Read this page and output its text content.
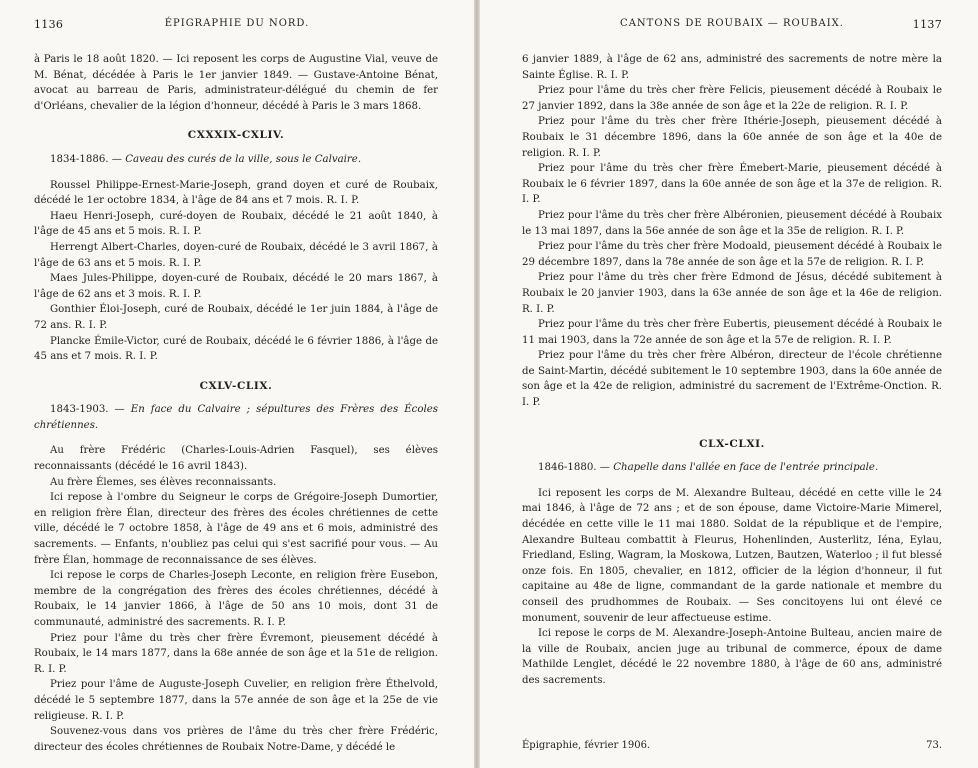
1136	ÉPIGRAPHIE DU NORD.

à Paris le 18 août 1820. — Ici reposent les corps de Augustine Vial, veuve de M. Bénat, décédée à Paris le 1er janvier 1849. — Gustave-Antoine Bénat, avocat au barreau de Paris, administrateur-délégué du chemin de fer d'Orléans, chevalier de la légion d'honneur, décédé à Paris le 3 mars 1868.

CXXXIX-CXLIV.

1834-1886. — Caveau des curés de la ville, sous le Calvaire.

Roussel Philippe-Ernest-Marie-Joseph, grand doyen et curé de Roubaix, décédé le 1er octobre 1834, à l'âge de 84 ans et 7 mois. R. I. P.

Haeu Henri-Joseph, curé-doyen de Roubaix, décédé le 21 août 1840, à l'âge de 45 ans et 5 mois. R. I. P.

Herrengt Albert-Charles, doyen-curé de Roubaix, décédé le 3 avril 1867, à l'âge de 63 ans et 5 mois. R. I. P.

Maes Jules-Philippe, doyen-curé de Roubaix, décédé le 20 mars 1867, à l'âge de 62 ans et 3 mois. R. I. P.

Gonthier Éloi-Joseph, curé de Roubaix, décédé le 1er juin 1884, à l'âge de 72 ans. R. I. P.

Plancke Émile-Victor, curé de Roubaix, décédé le 6 février 1886, à l'âge de 45 ans et 7 mois. R. I. P.

CXLV-CLIX.

1843-1903. — En face du Calvaire ; sépultures des Frères des Écoles chrétiennes.

Au frère Frédéric (Charles-Louis-Adrien Fasquel), ses élèves reconnaissants (décédé le 16 avril 1843).

Au frère Élemes, ses élèves reconnaissants.

Ici repose à l'ombre du Seigneur le corps de Grégoire-Joseph Dumortier, en religion frère Élan, directeur des frères des écoles chrétiennes de cette ville, décédé le 7 octobre 1858, à l'âge de 49 ans et 6 mois, administré des sacrements. — Enfants, n'oubliez pas celui qui s'est sacrifié pour vous. — Au frère Élan, hommage de reconnaissance de ses élèves.

Ici repose le corps de Charles-Joseph Leconte, en religion frère Eusebon, membre de la congrégation des frères des écoles chrétiennes, décédé à Roubaix, le 14 janvier 1866, à l'âge de 50 ans 10 mois, dont 31 de communauté, administré des sacrements. R. I. P.

Priez pour l'âme du très cher frère Évremont, pieusement décédé à Roubaix, le 14 mars 1877, dans la 68e année de son âge et la 51e de religion. R. I. P.

Priez pour l'âme de Auguste-Joseph Cuvelier, en religion frère Éthelvold, décédé le 5 septembre 1877, dans la 57e année de son âge et la 25e de vie religieuse. R. I. P.

Souvenez-vous dans vos prières de l'âme du très cher frère Frédéric, directeur des écoles chrétiennes de Roubaix Notre-Dame, y décédé le

CANTONS DE ROUBAIX — ROUBAIX.	1137

6 janvier 1889, à l'âge de 62 ans, administré des sacrements de notre mère la Sainte Église. R. I. P.

Priez pour l'âme du très cher frère Felicis, pieusement décédé à Roubaix le 27 janvier 1892, dans la 38e année de son âge et la 22e de religion. R. I. P.

Priez pour l'âme du très cher frère Ithérie-Joseph, pieusement décédé à Roubaix le 31 décembre 1896, dans la 60e année de son âge et la 40e de religion. R. I. P.

Priez pour l'âme du très cher frère Émebert-Marie, pieusement décédé à Roubaix le 6 février 1897, dans la 60e année de son âge et la 37e de religion. R. I. P.

Priez pour l'âme du très cher frère Albéronien, pieusement décédé à Roubaix le 13 mai 1897, dans la 56e année de son âge et la 35e de religion. R. I. P.

Priez pour l'âme du très cher frère Modoald, pieusement décédé à Roubaix le 29 décembre 1897, dans la 78e année de son âge et la 57e de religion. R. I. P.

Priez pour l'âme du très cher frère Edmond de Jésus, décédé subitement à Roubaix le 20 janvier 1903, dans la 63e année de son âge et la 46e de religion. R. I. P.

Priez pour l'âme du très cher frère Eubertis, pieusement décédé à Roubaix le 11 mai 1903, dans la 72e année de son âge et la 57e de religion. R. I. P.

Priez pour l'âme du très cher frère Albéron, directeur de l'école chrétienne de Saint-Martin, décédé subitement le 10 septembre 1903, dans la 60e année de son âge et la 42e de religion, administré du sacrement de l'Extrême-Onction. R. I. P.

CLX-CLXI.

1846-1880. — Chapelle dans l'allée en face de l'entrée principale.

Ici reposent les corps de M. Alexandre Bulteau, décédé en cette ville le 24 mai 1846, à l'âge de 72 ans ; et de son épouse, dame Victoire-Marie Mimerel, décédée en cette ville le 11 mai 1880. Soldat de la république et de l'empire, Alexandre Bulteau combattit à Fleurus, Hohenlinden, Austerlitz, Iéna, Eylau, Friedland, Esling, Wagram, la Moskowa, Lutzen, Bautzen, Waterloo ; il fut blessé onze fois. En 1805, chevalier, en 1812, officier de la légion d'honneur, il fut capitaine au 48e de ligne, commandant de la garde nationale et membre du conseil des prudhommes de Roubaix. — Ses concitoyens lui ont élevé ce monument, souvenir de leur affectueuse estime.

Ici repose le corps de M. Alexandre-Joseph-Antoine Bulteau, ancien maire de la ville de Roubaix, ancien juge au tribunal de commerce, époux de dame Mathilde Lenglet, décédé le 22 novembre 1880, à l'âge de 60 ans, administré des sacrements.

Épigraphie, février 1906.	73.
